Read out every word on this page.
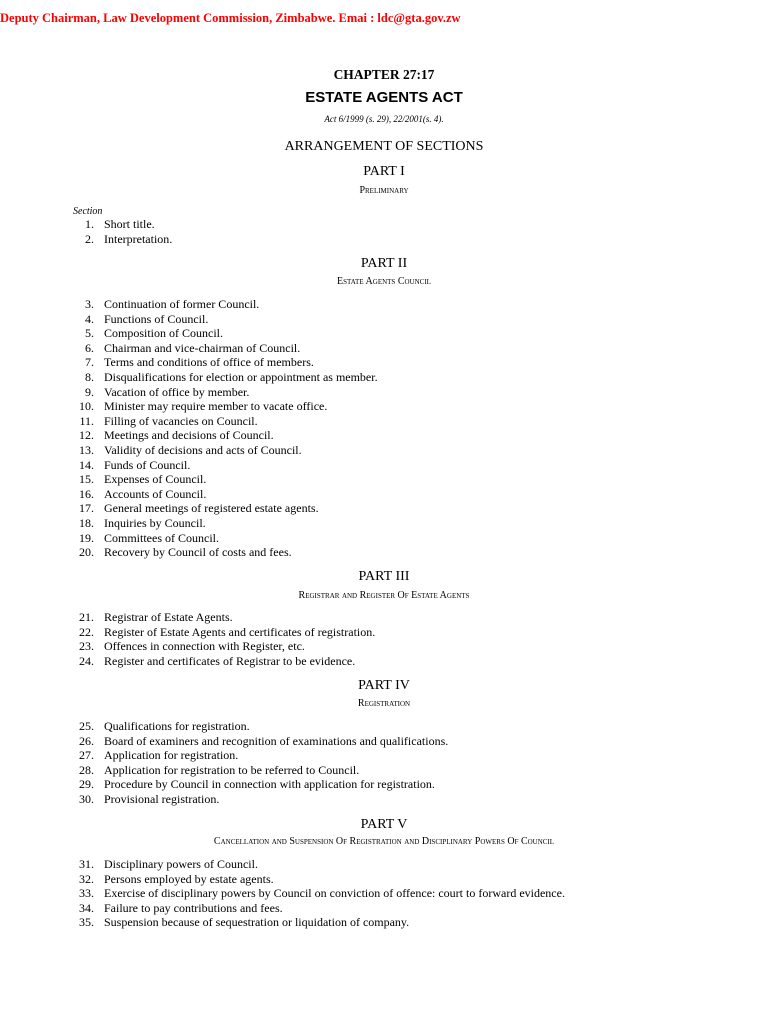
Deputy Chairman, Law Development Commission, Zimbabwe. Emai : ldc@gta.gov.zw
CHAPTER 27:17
ESTATE AGENTS ACT
Act 6/1999 (s. 29), 22/2001(s. 4).
ARRANGEMENT OF SECTIONS
PART I
Preliminary
Section
1. Short title.
2. Interpretation.
PART II
Estate Agents Council
3. Continuation of former Council.
4. Functions of Council.
5. Composition of Council.
6. Chairman and vice-chairman of Council.
7. Terms and conditions of office of members.
8. Disqualifications for election or appointment as member.
9. Vacation of office by member.
10. Minister may require member to vacate office.
11. Filling of vacancies on Council.
12. Meetings and decisions of Council.
13. Validity of decisions and acts of Council.
14. Funds of Council.
15. Expenses of Council.
16. Accounts of Council.
17. General meetings of registered estate agents.
18. Inquiries by Council.
19. Committees of Council.
20. Recovery by Council of costs and fees.
PART III
Registrar and Register Of Estate Agents
21. Registrar of Estate Agents.
22. Register of Estate Agents and certificates of registration.
23. Offences in connection with Register, etc.
24. Register and certificates of Registrar to be evidence.
PART IV
Registration
25. Qualifications for registration.
26. Board of examiners and recognition of examinations and qualifications.
27. Application for registration.
28. Application for registration to be referred to Council.
29. Procedure by Council in connection with application for registration.
30. Provisional registration.
PART V
Cancellation and Suspension Of Registration and Disciplinary Powers Of Council
31. Disciplinary powers of Council.
32. Persons employed by estate agents.
33. Exercise of disciplinary powers by Council on conviction of offence: court to forward evidence.
34. Failure to pay contributions and fees.
35. Suspension because of sequestration or liquidation of company.
